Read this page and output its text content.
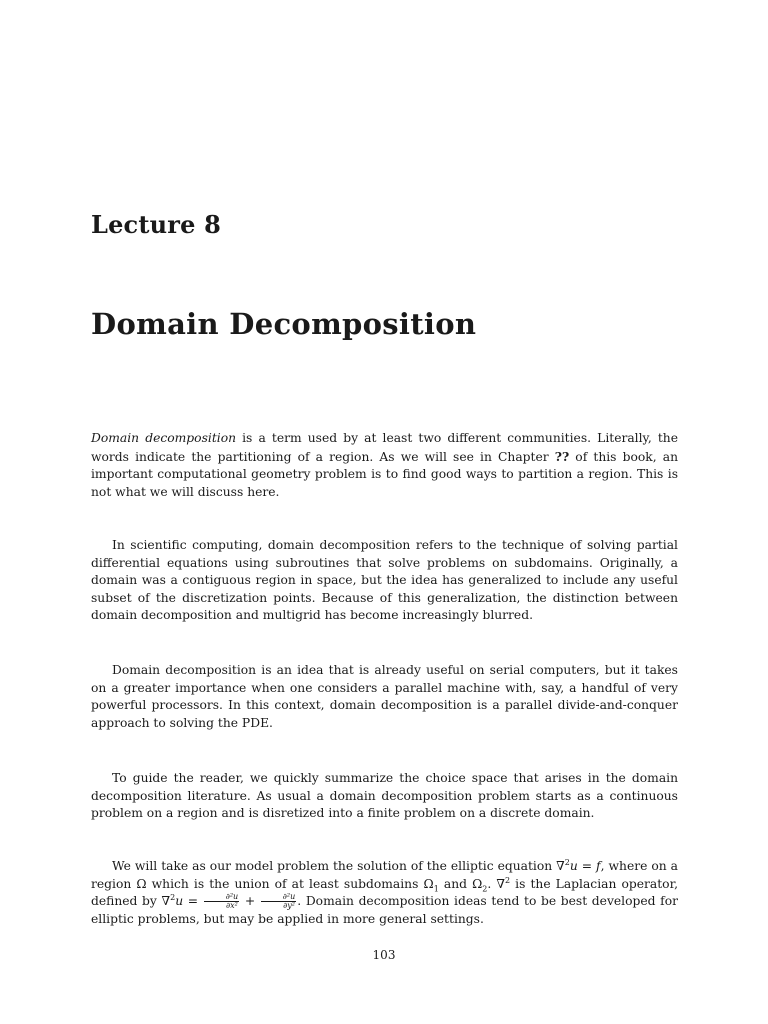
Lecture 8
Domain Decomposition

Domain decomposition is a term used by at least two different communities. Literally, the words indicate the partitioning of a region. As we will see in Chapter ?? of this book, an important computational geometry problem is to find good ways to partition a region. This is not what we will discuss here.

In scientific computing, domain decomposition refers to the technique of solving partial differential equations using subroutines that solve problems on subdomains. Originally, a domain was a contiguous region in space, but the idea has generalized to include any useful subset of the discretization points. Because of this generalization, the distinction between domain decomposition and multigrid has become increasingly blurred.

Domain decomposition is an idea that is already useful on serial computers, but it takes on a greater importance when one considers a parallel machine with, say, a handful of very powerful processors. In this context, domain decomposition is a parallel divide-and-conquer approach to solving the PDE.

To guide the reader, we quickly summarize the choice space that arises in the domain decomposition literature. As usual a domain decomposition problem starts as a continuous problem on a region and is disretized into a finite problem on a discrete domain.

We will take as our model problem the solution of the elliptic equation ∇$^2$u = f, where on a region Ω which is the union of at least subdomains $\Omega_1$ and $\Omega_2$. ∇$^2$ is the Laplacian operator, defined by $\nabla^2u = \frac{\text{∂²u}}{\text{∂x²}} + \frac{\text{∂²u}}{\text{∂y²}}$ . Domain decomposition ideas tend to be best developed for elliptic problems, but may be applied in more general settings.

103
